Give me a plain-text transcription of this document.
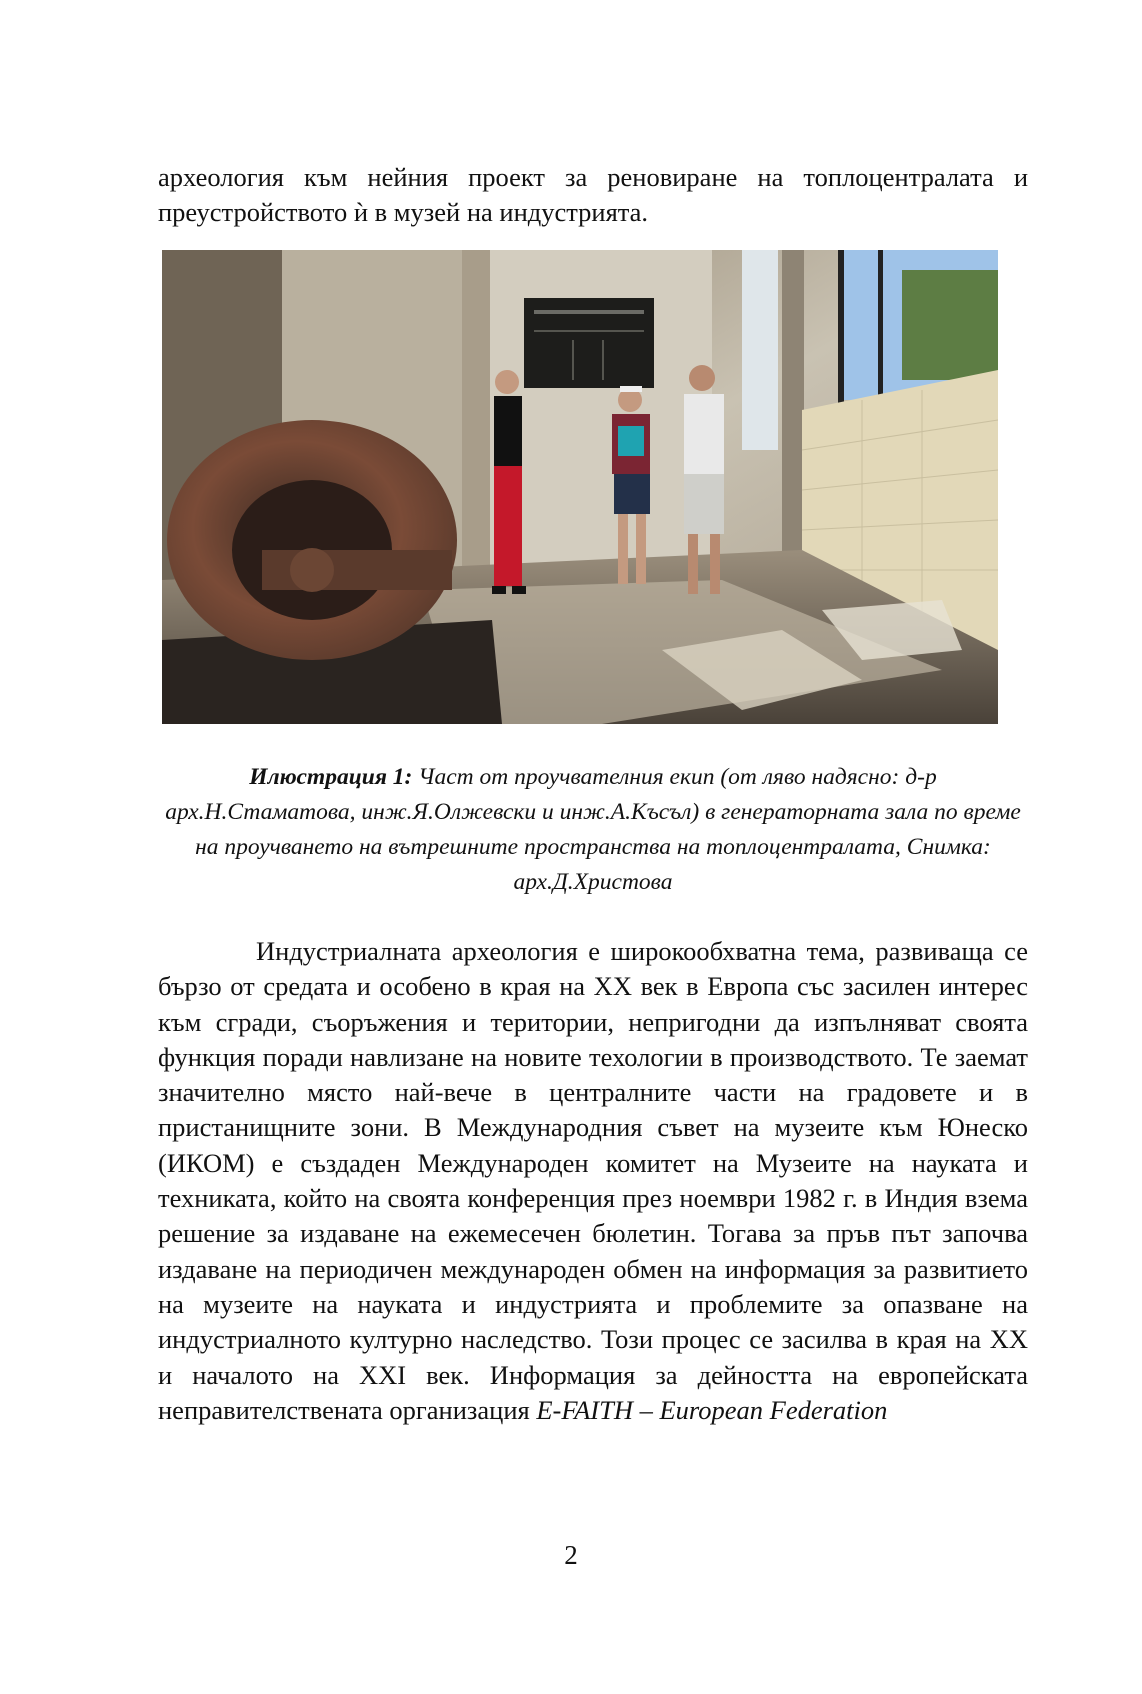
археология към нейния проект за реновиране на топлоцентралата и преустройството ѝ в музей на индустрията.

Илюстрация 1: Част от проучвателния екип (от ляво надясно: д-р арх.Н.Стаматова, инж.Я.Олжевски и инж.А.Късъл) в генераторната зала по време на проучването на вътрешните пространства на топлоцентралата, Снимка: арх.Д.Христова

Индустриалната археология е широкообхватна тема, развиваща се бързо от средата и особено в края на XX век в Европа със засилен интерес към сгради, съоръжения и територии, непригодни да изпълняват своята функция поради навлизане на новите техологии в производството. Те заемат значително място най-вече в централните части на градовете и в пристанищните зони. В Международния съвет на музеите към Юнеско (ИКОМ) е създаден Международен комитет на Музеите на науката и техниката, който на своята конференция през ноември 1982 г. в Индия взема решение за издаване на ежемесечен бюлетин. Тогава за пръв път започва издаване на периодичен международен обмен на информация за развитието на музеите на науката и индустрията и проблемите за опазване на индустриалното културно наследство. Този процес се засилва в края на XX и началото на XXI век. Информация за дейността на европейската неправителствената организация E-FAITH – European Federation

2
